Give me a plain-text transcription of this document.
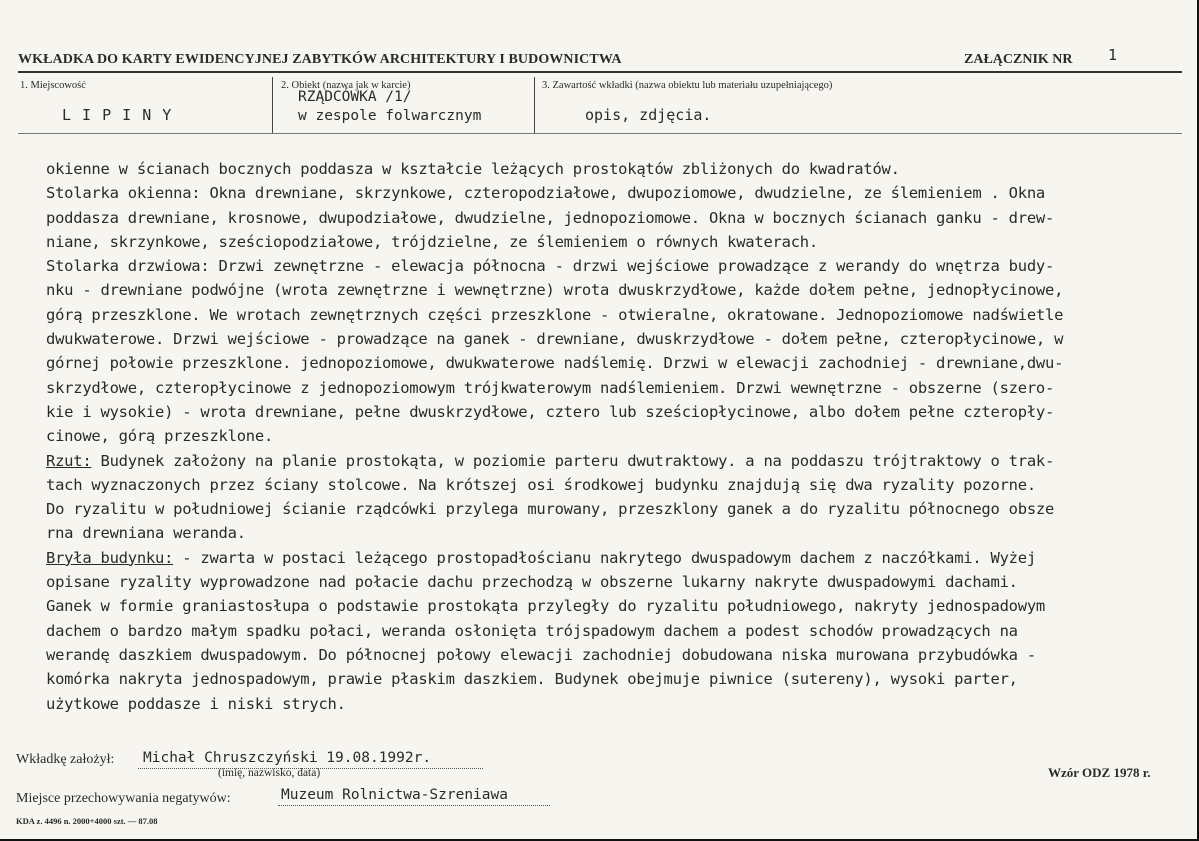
WKŁADKA DO KARTY EWIDENCYJNEJ ZABYTKÓW ARCHITEKTURY I BUDOWNICTWA	ZAŁĄCZNIK NR 1
1. Miejscowość
L I P I N Y
2. Obiekt (nazwa jak w karcie)
RZĄDCÓWKA /1/
w zespole folwarcznym
3. Zawartość wkładki (nazwa obiektu lub materiału uzupełniającego)
opis, zdjęcia.

okienne w ścianach bocznych poddasza w kształcie leżących prostokątów zbliżonych do kwadratów.

Stolarka okienna: Okna drewniane, skrzynkowe, czteropodziałowe, dwupoziomowe, dwudzielne, ze ślemieniem . Okna

poddasza drewniane, krosnowe, dwupodziałowe, dwudzielne, jednopoziomowe. Okna w bocznych ścianach ganku - drew-

niane, skrzynkowe, sześciopodziałowe, trójdzielne, ze ślemieniem o równych kwaterach.

Stolarka drzwiowa: Drzwi zewnętrzne - elewacja północna - drzwi wejściowe prowadzące z werandy do wnętrza budy-

nku - drewniane podwójne (wrota zewnętrzne i wewnętrzne) wrota dwuskrzydłowe, każde dołem pełne, jednopłycinowe,

górą przeszklone. We wrotach zewnętrznych części przeszklone - otwieralne, okratowane. Jednopoziomowe nadświetle

dwukwaterowe. Drzwi wejściowe - prowadzące na ganek - drewniane, dwuskrzydłowe - dołem pełne, czteropłycinowe, w

górnej połowie przeszklone. jednopoziomowe, dwukwaterowe nadślemię. Drzwi w elewacji zachodniej - drewniane,dwu-

skrzydłowe, czteropłycinowe z jednopoziomowym trójkwaterowym nadślemieniem. Drzwi wewnętrzne - obszerne (szero-

kie i wysokie) - wrota drewniane, pełne dwuskrzydłowe, cztero lub sześciopłycinowe, albo dołem pełne czteropły-

cinowe, górą przeszklone.

Rzut: Budynek założony na planie prostokąta, w poziomie parteru dwutraktowy. a na poddaszu trójtraktowy o trak-

tach wyznaczonych przez ściany stolcowe. Na krótszej osi środkowej budynku znajdują się dwa ryzality pozorne.

Do ryzalitu w południowej ścianie rządcówki przylega murowany, przeszklony ganek a do ryzalitu północnego obsze

rna drewniana weranda.

Bryła budynku: - zwarta w postaci leżącego prostopadłościanu nakrytego dwuspadowym dachem z naczółkami. Wyżej

opisane ryzality wyprowadzone nad połacie dachu przechodzą w obszerne lukarny nakryte dwuspadowymi dachami.

Ganek w formie graniastosłupa o podstawie prostokąta przyległy do ryzalitu południowego, nakryty jednospadowym

dachem o bardzo małym spadku połaci, weranda osłonięta trójspadowym dachem a podest schodów prowadzących na

werandę daszkiem dwuspadowym. Do północnej połowy elewacji zachodniej dobudowana niska murowana przybudówka -

komórka nakryta jednospadowym, prawie płaskim daszkiem. Budynek obejmuje piwnice (sutereny), wysoki parter,

użytkowe poddasze i niski strych.

Wkładkę założył: Michał Chruszczyński 19.08.1992r.
(imię, nazwisko, data)	Wzór ODZ 1978 r.
Miejsce przechowywania negatywów:	Muzeum Rolnictwa-Szreniawa
KDA z. 4496 n. 2000+4000 szt. — 87.08
